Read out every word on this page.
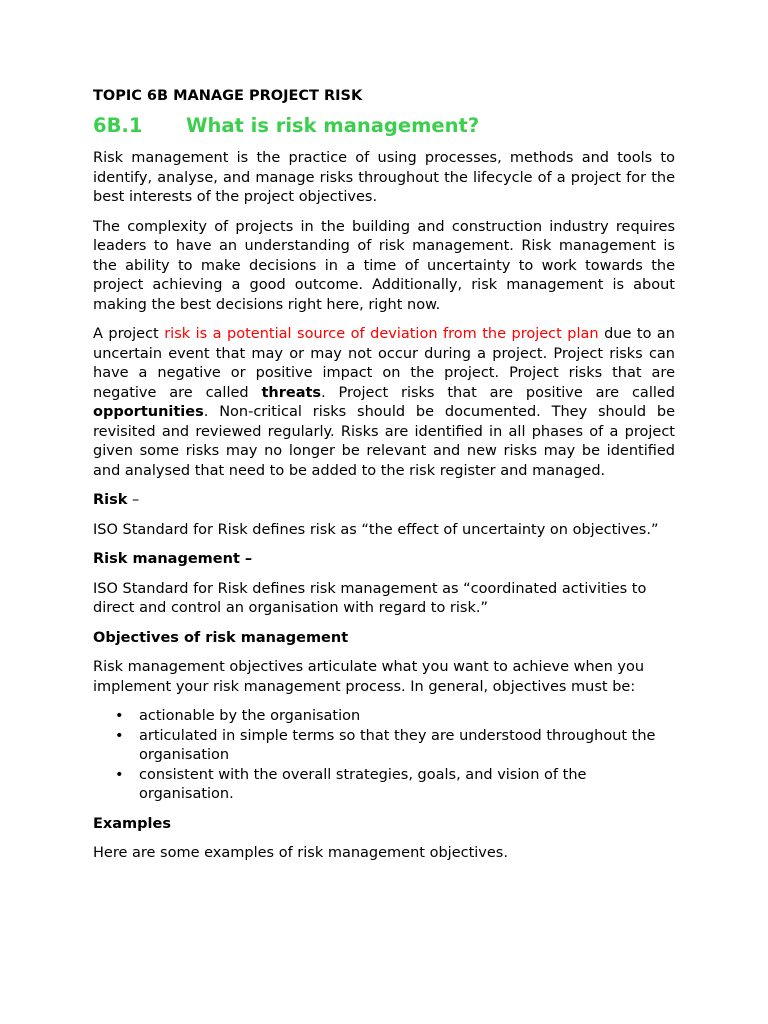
TOPIC 6B MANAGE PROJECT RISK
6B.1	What is risk management?

Risk management is the practice of using processes, methods and tools to identify, analyse, and manage risks throughout the lifecycle of a project for the best interests of the project objectives.

The complexity of projects in the building and construction industry requires leaders to have an understanding of risk management. Risk management is the ability to make decisions in a time of uncertainty to work towards the project achieving a good outcome. Additionally, risk management is about making the best decisions right here, right now.

A project risk is a potential source of deviation from the project plan due to an uncertain event that may or may not occur during a project. Project risks can have a negative or positive impact on the project. Project risks that are negative are called threats. Project risks that are positive are called opportunities. Non-critical risks should be documented. They should be revisited and reviewed regularly. Risks are identified in all phases of a project given some risks may no longer be relevant and new risks may be identified and analysed that need to be added to the risk register and managed.

Risk –

ISO Standard for Risk defines risk as “the effect of uncertainty on objectives.”

Risk management –

ISO Standard for Risk defines risk management as “coordinated activities to direct and control an organisation with regard to risk.”

Objectives of risk management

Risk management objectives articulate what you want to achieve when you implement your risk management process. In general, objectives must be:

• actionable by the organisation
• articulated in simple terms so that they are understood throughout the organisation
• consistent with the overall strategies, goals, and vision of the organisation.
Examples

Here are some examples of risk management objectives.
